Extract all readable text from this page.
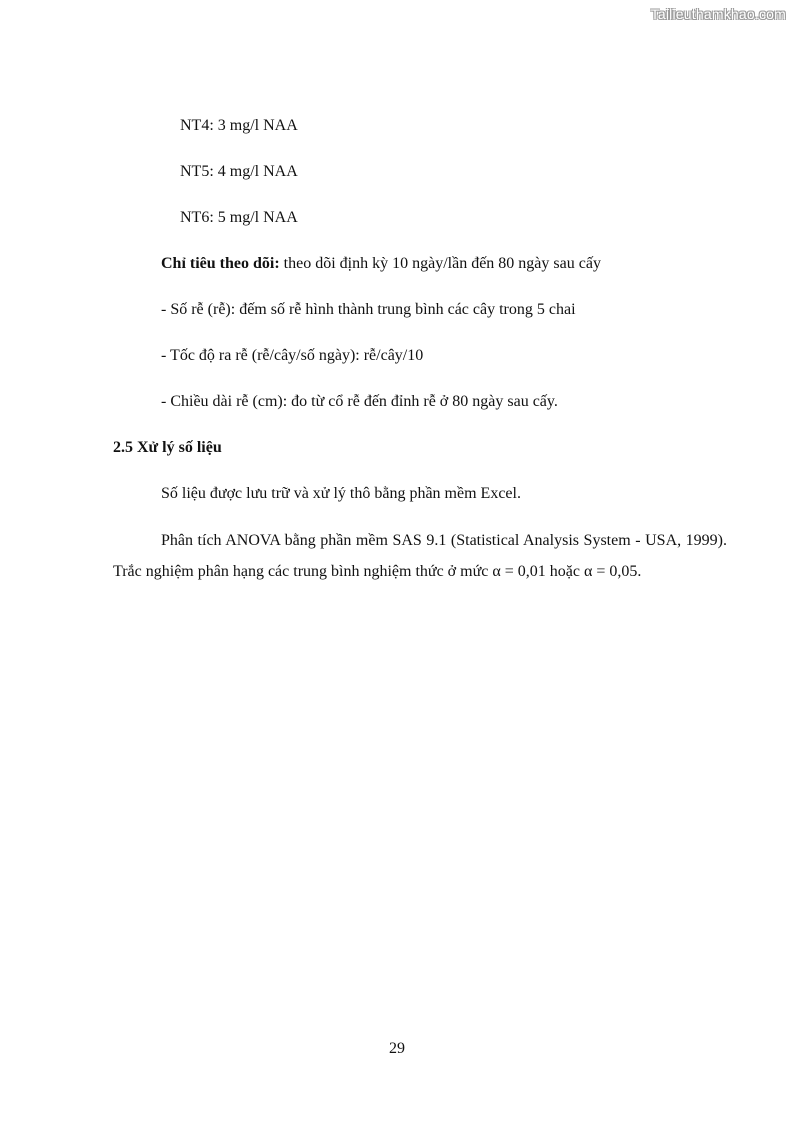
Tailieuthamkhao.com
NT4: 3 mg/l NAA
NT5: 4 mg/l NAA
NT6: 5 mg/l NAA
Chỉ tiêu theo dõi: theo dõi định kỳ 10 ngày/lần đến 80 ngày sau cấy
- Số rễ (rễ): đếm số rễ hình thành trung bình các cây trong 5 chai
- Tốc độ ra rễ (rễ/cây/số ngày): rễ/cây/10
- Chiều dài rễ (cm): đo từ cổ rễ đến đỉnh rễ ở 80 ngày sau cấy.
2.5 Xử lý số liệu
Số liệu được lưu trữ và xử lý thô bằng phần mềm Excel.
Phân tích ANOVA bằng phần mềm SAS 9.1 (Statistical Analysis System - USA, 1999). Trắc nghiệm phân hạng các trung bình nghiệm thức ở mức α = 0,01 hoặc α = 0,05.
29
